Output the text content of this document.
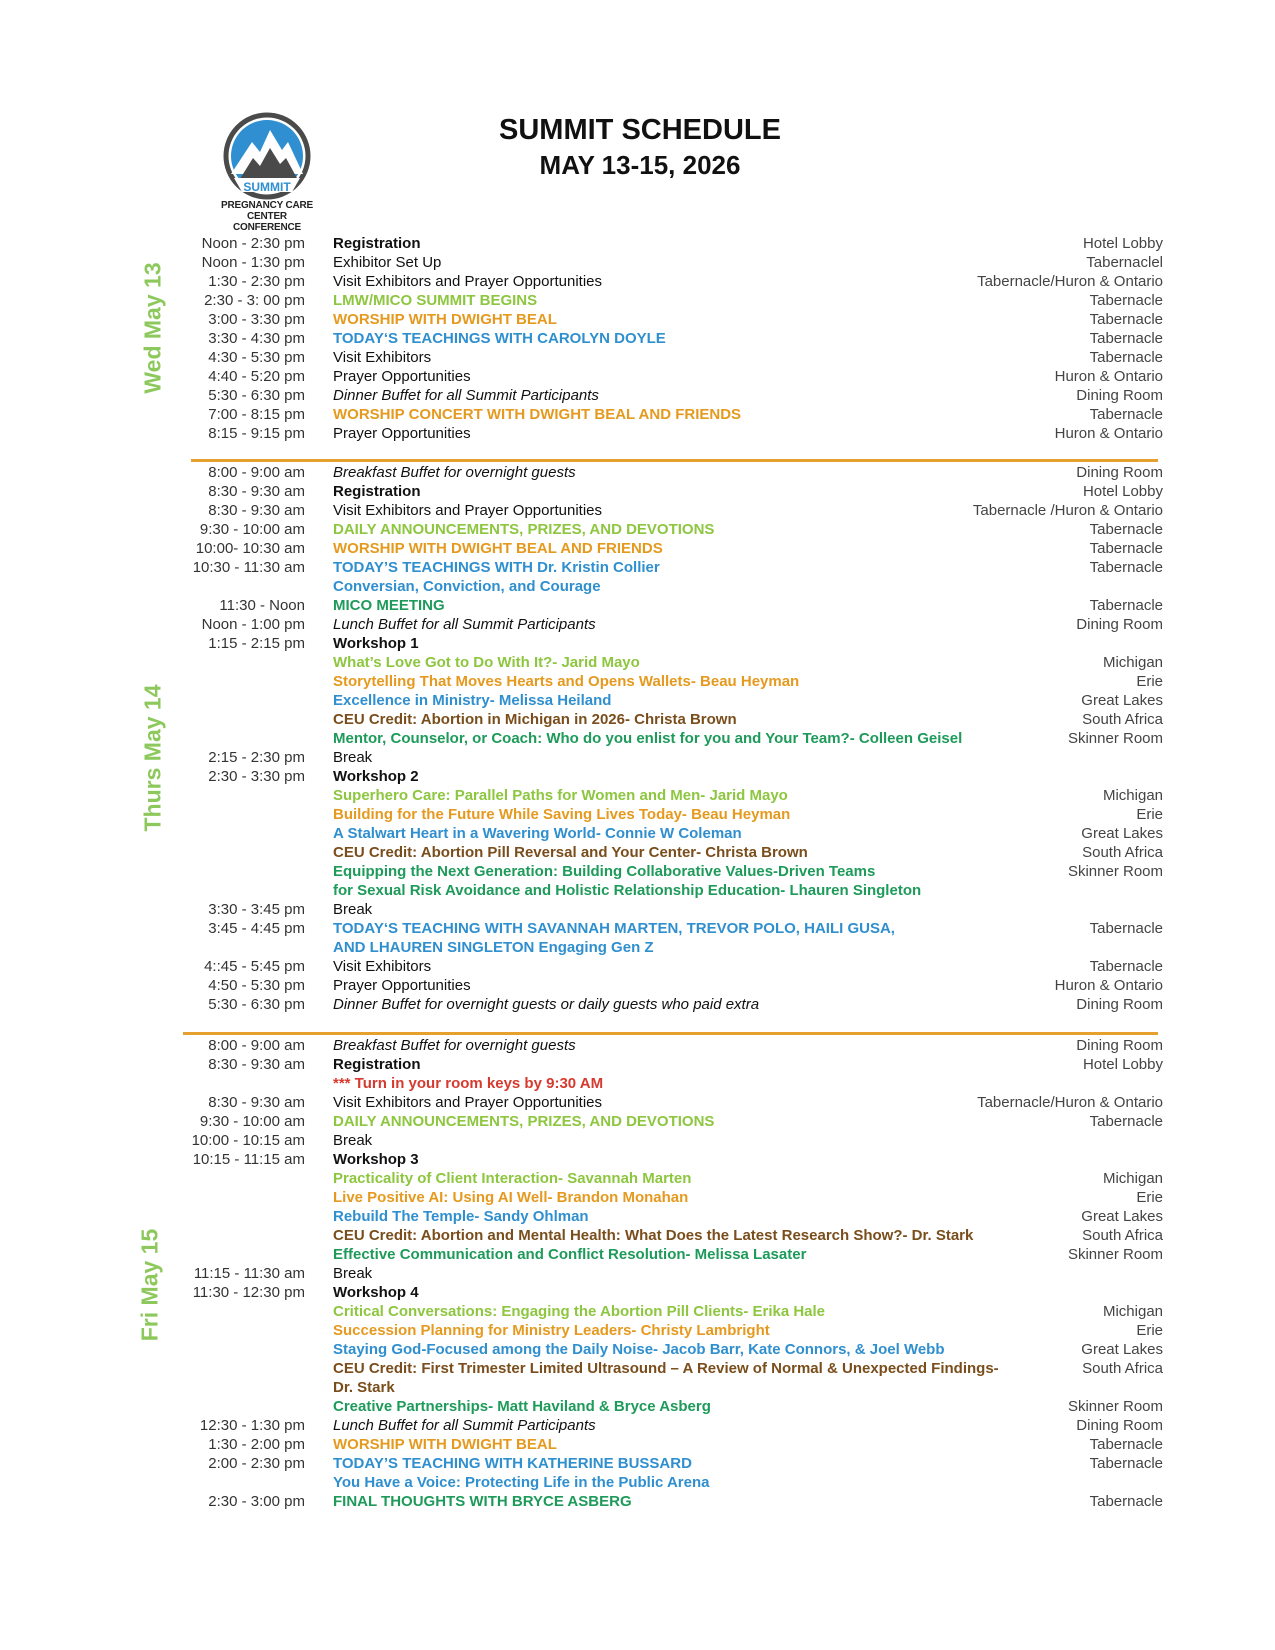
SUMMIT
PREGNANCY CARE
CENTER CONFERENCE
SUMMIT SCHEDULE
MAY 13-15, 2026
Wed May 13
Thurs May 14
Fri May 15
Noon - 2:30 pm Registration	Hotel Lobby
Noon - 1:30 pm Exhibitor Set Up	Tabernaclel
1:30 - 2:30 pm Visit Exhibitors and Prayer Opportunities	Tabernacle/Huron & Ontario
2:30 - 3: 00 pm LMW/MICO SUMMIT BEGINS	Tabernacle
3:00 - 3:30 pm WORSHIP WITH DWIGHT BEAL	Tabernacle
3:30 - 4:30 pm TODAY‘S TEACHINGS WITH CAROLYN DOYLE	Tabernacle
4:30 - 5:30 pm Visit Exhibitors	Tabernacle
4:40 - 5:20 pm Prayer Opportunities	Huron & Ontario
5:30 - 6:30 pm Dinner Buffet for all Summit Participants	Dining Room
7:00 - 8:15 pm WORSHIP CONCERT WITH DWIGHT BEAL AND FRIENDS	Tabernacle
8:15 - 9:15 pm Prayer Opportunities	Huron & Ontario
8:00 - 9:00 am Breakfast Buffet for overnight guests	Dining Room
8:30 - 9:30 am Registration	Hotel Lobby
8:30 - 9:30 am Visit Exhibitors and Prayer Opportunities	Tabernacle /Huron & Ontario
9:30 - 10:00 am DAILY ANNOUNCEMENTS, PRIZES, AND DEVOTIONS	Tabernacle
10:00- 10:30 am WORSHIP WITH DWIGHT BEAL AND FRIENDS	Tabernacle
10:30 - 11:30 am TODAY’S TEACHINGS WITH Dr. Kristin Collier	Tabernacle
Conversian, Conviction, and Courage
11:30 - Noon MICO MEETING	Tabernacle
Noon - 1:00 pm Lunch Buffet for all Summit Participants	Dining Room
1:15 - 2:15 pm Workshop 1
What’s Love Got to Do With It?- Jarid Mayo	Michigan
Storytelling That Moves Hearts and Opens Wallets- Beau Heyman	Erie
Excellence in Ministry- Melissa Heiland	Great Lakes
CEU Credit: Abortion in Michigan in 2026- Christa Brown	South Africa
Mentor, Counselor, or Coach: Who do you enlist for you and Your Team?- Colleen Geisel	Skinner Room
2:15 - 2:30 pm Break
2:30 - 3:30 pm Workshop 2
Superhero Care: Parallel Paths for Women and Men- Jarid Mayo	Michigan
Building for the Future While Saving Lives Today- Beau Heyman	Erie
A Stalwart Heart in a Wavering World- Connie W Coleman	Great Lakes
CEU Credit: Abortion Pill Reversal and Your Center- Christa Brown	South Africa
Equipping the Next Generation: Building Collaborative Values-Driven Teams	Skinner Room
for Sexual Risk Avoidance and Holistic Relationship Education- Lhauren Singleton
3:30 - 3:45 pm Break
3:45 - 4:45 pm TODAY‘S TEACHING WITH SAVANNAH MARTEN, TREVOR POLO, HAILI GUSA,	Tabernacle
AND LHAUREN SINGLETON Engaging Gen Z
4::45 - 5:45 pm Visit Exhibitors	Tabernacle
4:50 - 5:30 pm Prayer Opportunities	Huron & Ontario
5:30 - 6:30 pm Dinner Buffet for overnight guests or daily guests who paid extra	Dining Room
8:00 - 9:00 am Breakfast Buffet for overnight guests	Dining Room
8:30 - 9:30 am Registration	Hotel Lobby
*** Turn in your room keys by 9:30 AM
8:30 - 9:30 am Visit Exhibitors and Prayer Opportunities	Tabernacle/Huron & Ontario
9:30 - 10:00 am DAILY ANNOUNCEMENTS, PRIZES, AND DEVOTIONS	Tabernacle
10:00 - 10:15 am Break
10:15 - 11:15 am Workshop 3
Practicality of Client Interaction- Savannah Marten	Michigan
Live Positive AI: Using AI Well- Brandon Monahan	Erie
Rebuild The Temple- Sandy Ohlman	Great Lakes
CEU Credit: Abortion and Mental Health: What Does the Latest Research Show?- Dr. Stark	South Africa
Effective Communication and Conflict Resolution- Melissa Lasater	Skinner Room
11:15 - 11:30 am Break
11:30 - 12:30 pm Workshop 4
Critical Conversations: Engaging the Abortion Pill Clients- Erika Hale	Michigan
Succession Planning for Ministry Leaders- Christy Lambright	Erie
Staying God-Focused among the Daily Noise- Jacob Barr, Kate Connors, & Joel Webb	Great Lakes
CEU Credit: First Trimester Limited Ultrasound – A Review of Normal & Unexpected Findings-	South Africa
Dr. Stark
Creative Partnerships- Matt Haviland & Bryce Asberg	Skinner Room
12:30 - 1:30 pm Lunch Buffet for all Summit Participants	Dining Room
1:30 - 2:00 pm WORSHIP WITH DWIGHT BEAL	Tabernacle
2:00 - 2:30 pm TODAY’S TEACHING WITH KATHERINE BUSSARD	Tabernacle
You Have a Voice: Protecting Life in the Public Arena
2:30 - 3:00 pm FINAL THOUGHTS WITH BRYCE ASBERG	Tabernacle
